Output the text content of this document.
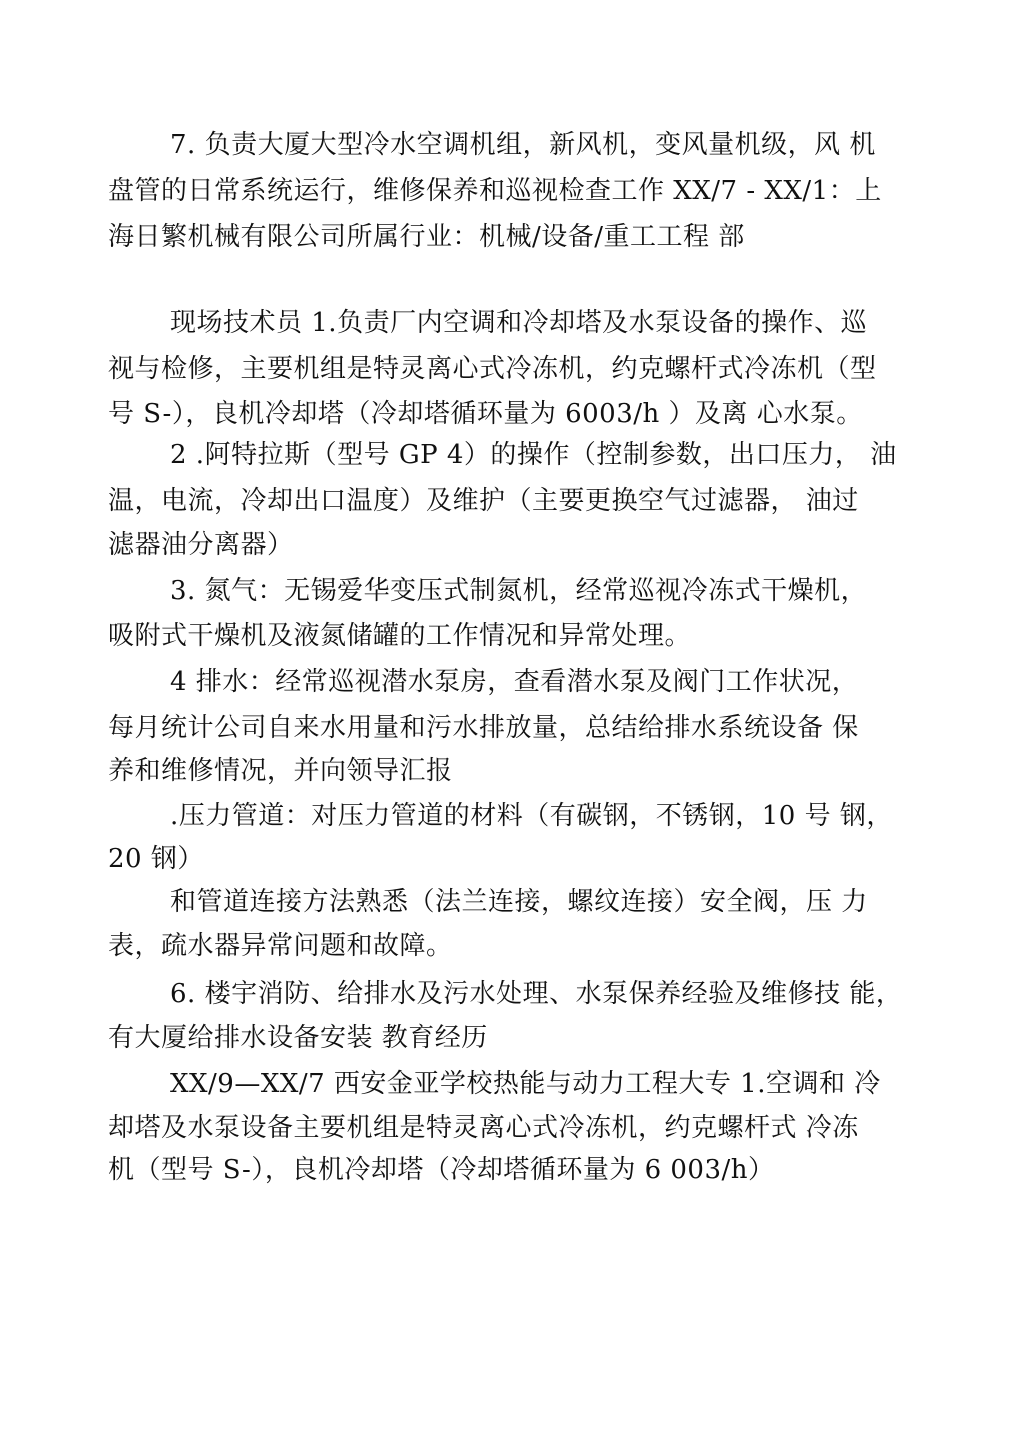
7. 负责大厦大型冷水空调机组，新风机，变风量机级，风 机
盘管的日常系统运行，维修保养和巡视检查工作 XX/7 - XX/1：上
海日繁机械有限公司所属行业：机械/设备/重工工程 部
现场技术员 1.负责厂内空调和冷却塔及水泵设备的操作、巡
视与检修，主要机组是特灵离心式冷冻机，约克螺杆式冷冻机（型
号 S-），良机冷却塔（冷却塔循环量为 6003/h ）及离 心水泵。
2 .阿特拉斯（型号 GP 4）的操作（控制参数，出口压力， 油
温，电流，冷却出口温度）及维护（主要更换空气过滤器， 油过
滤器油分离器）
3. 氮气：无锡爱华变压式制氮机，经常巡视冷冻式干燥机，
吸附式干燥机及液氮储罐的工作情况和异常处理。
4 排水：经常巡视潜水泵房，查看潜水泵及阀门工作状况，
每月统计公司自来水用量和污水排放量，总结给排水系统设备 保
养和维修情况，并向领导汇报
.压力管道：对压力管道的材料（有碳钢，不锈钢，10 号 钢，
20 钢）
和管道连接方法熟悉（法兰连接，螺纹连接）安全阀，压 力
表，疏水器异常问题和故障。
6. 楼宇消防、给排水及污水处理、水泵保养经验及维修技 能，
有大厦给排水设备安装 教育经历
XX/9—XX/7 西安金亚学校热能与动力工程大专 1.空调和 冷
却塔及水泵设备主要机组是特灵离心式冷冻机，约克螺杆式 冷冻
机（型号 S-），良机冷却塔（冷却塔循环量为 6 003/h）
